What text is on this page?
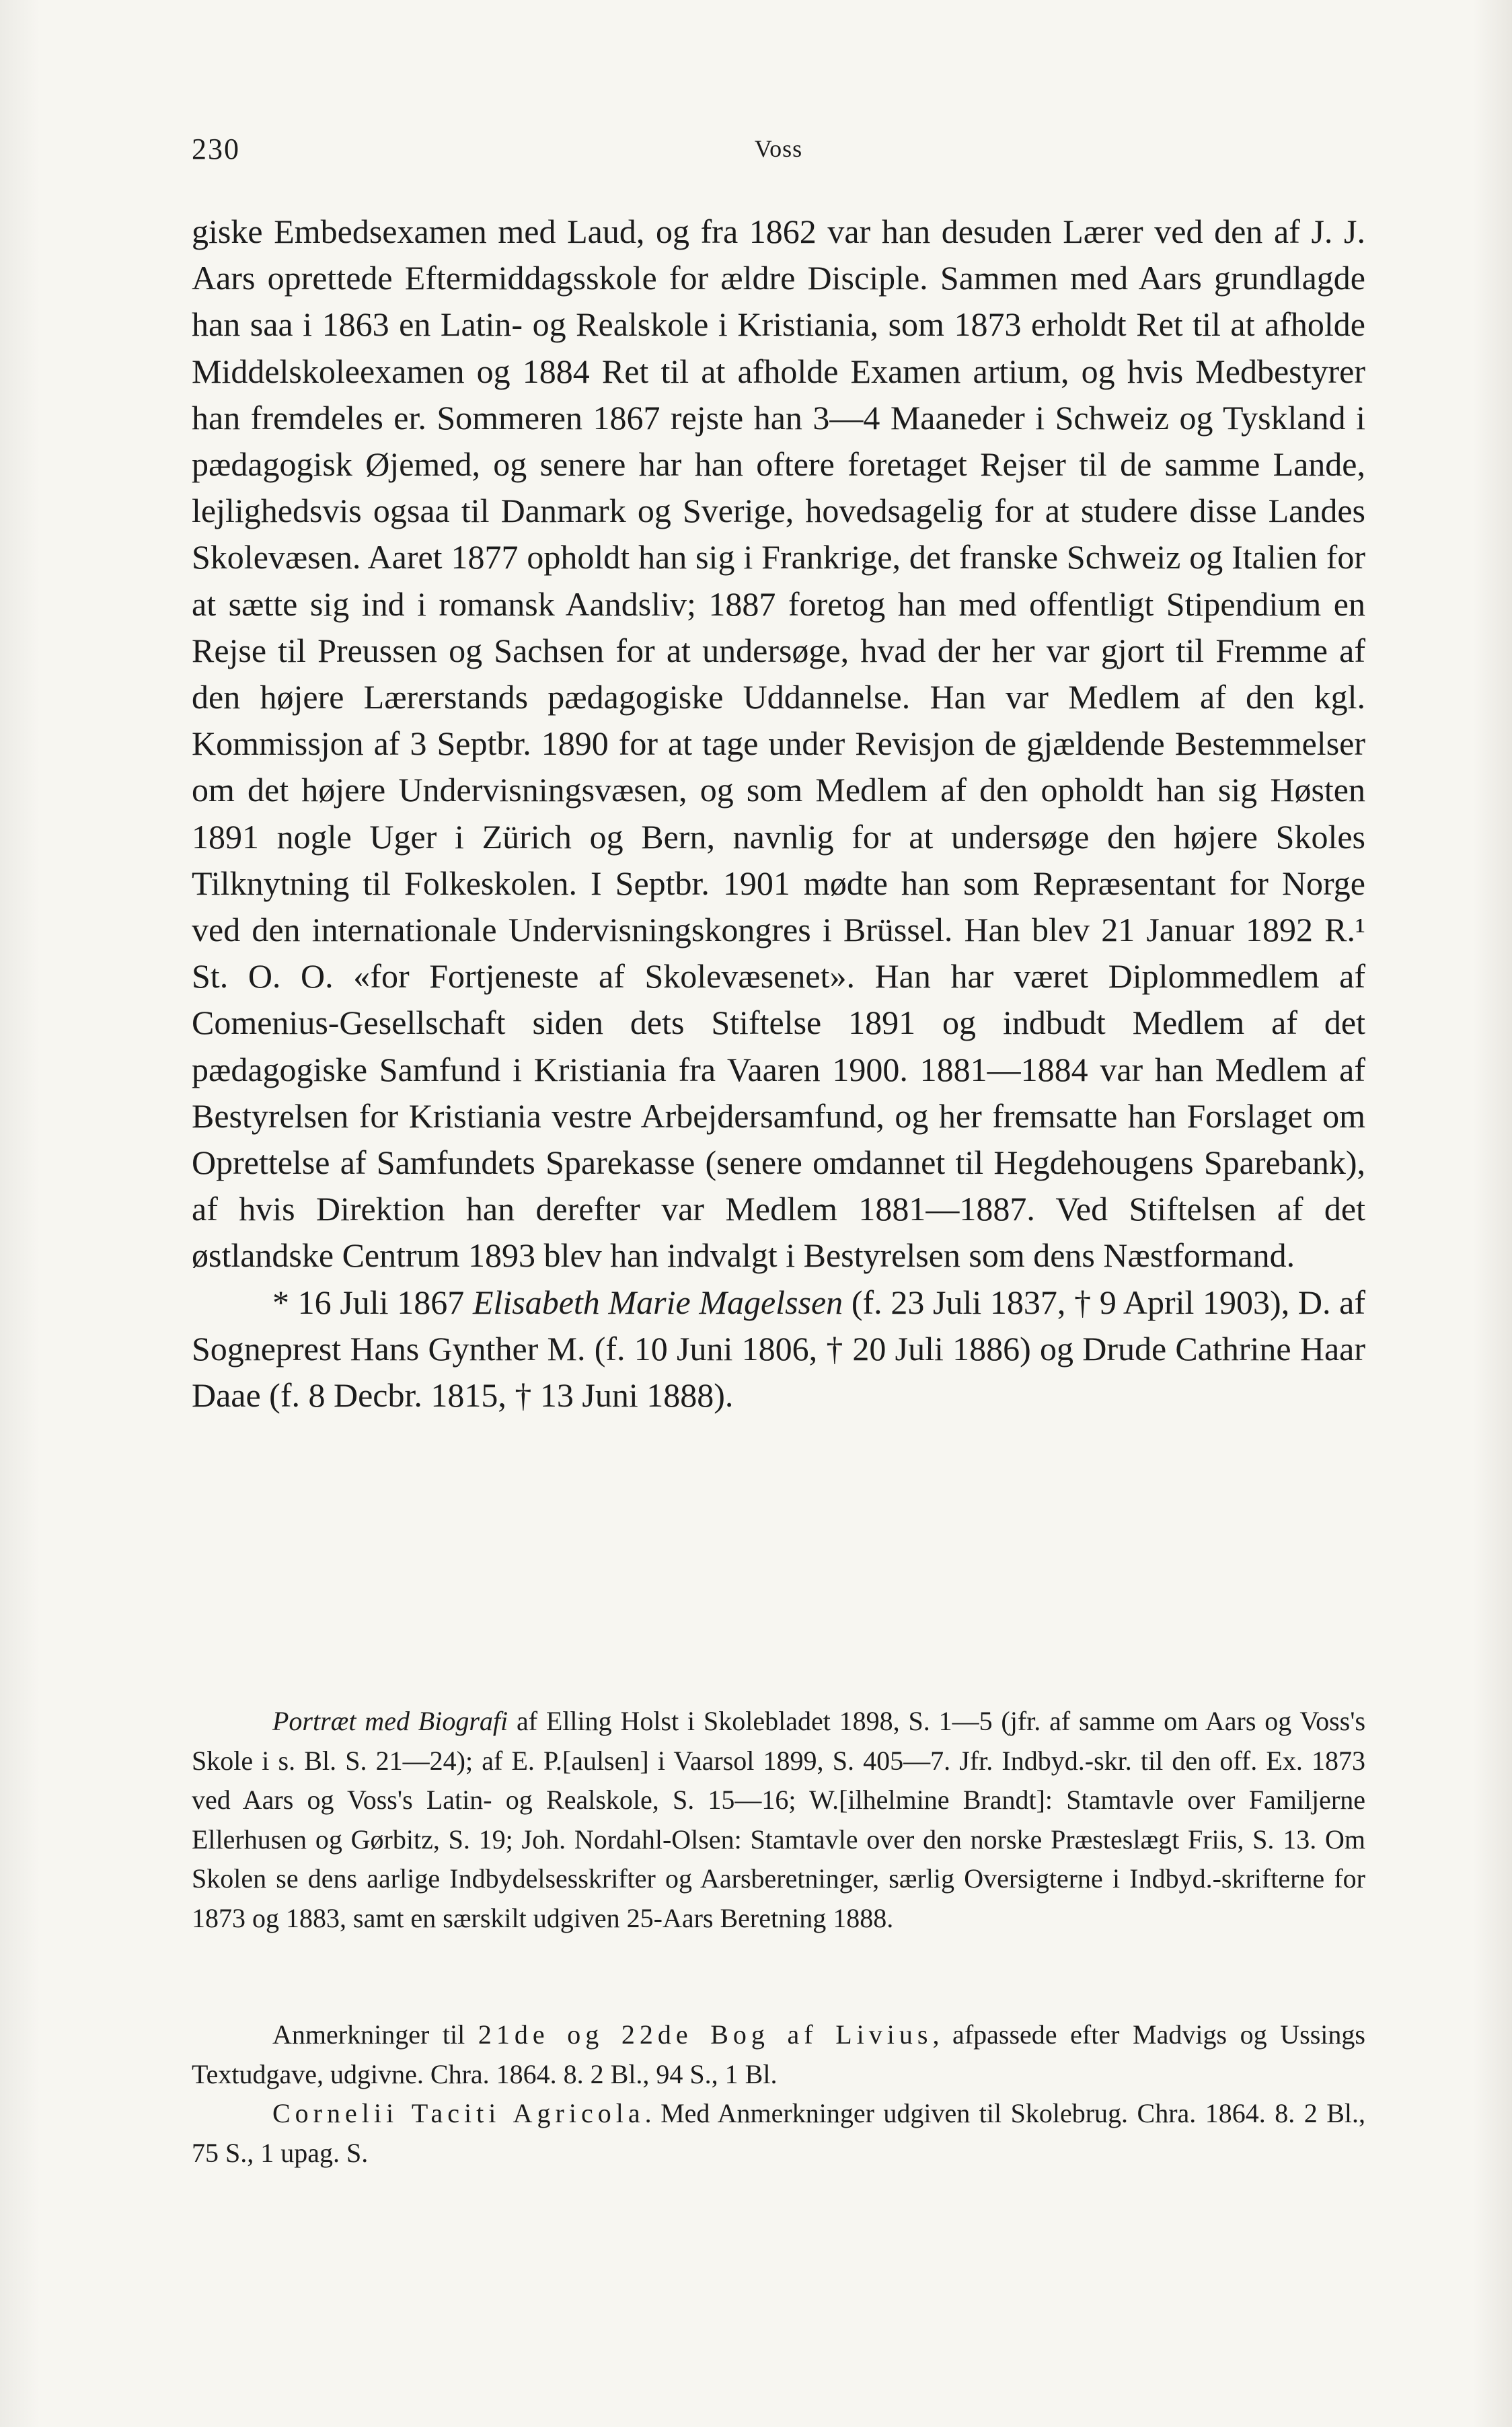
230	Voss

giske Embedsexamen med Laud, og fra 1862 var han desuden Lærer ved den af J. J. Aars oprettede Eftermiddagsskole for ældre Disciple. Sammen med Aars grundlagde han saa i 1863 en Latin- og Realskole i Kristiania, som 1873 erholdt Ret til at afholde Middelskoleexamen og 1884 Ret til at afholde Examen artium, og hvis Medbestyrer han fremdeles er. Sommeren 1867 rejste han 3—4 Maaneder i Schweiz og Tyskland i pædagogisk Øjemed, og senere har han oftere foretaget Rejser til de samme Lande, lejlighedsvis ogsaa til Danmark og Sverige, hovedsagelig for at studere disse Landes Skolevæsen. Aaret 1877 opholdt han sig i Frankrige, det franske Schweiz og Italien for at sætte sig ind i romansk Aandsliv; 1887 foretog han med offentligt Stipendium en Rejse til Preussen og Sachsen for at undersøge, hvad der her var gjort til Fremme af den højere Lærerstands pædagogiske Uddannelse. Han var Medlem af den kgl. Kommissjon af 3 Septbr. 1890 for at tage under Revisjon de gjældende Bestemmelser om det højere Undervisningsvæsen, og som Medlem af den opholdt han sig Høsten 1891 nogle Uger i Zürich og Bern, navnlig for at undersøge den højere Skoles Tilknytning til Folkeskolen. I Septbr. 1901 mødte han som Repræsentant for Norge ved den internationale Undervisningskongres i Brüssel. Han blev 21 Januar 1892 R.¹ St. O. O. «for Fortjeneste af Skolevæsenet». Han har været Diplommedlem af Comenius-Gesellschaft siden dets Stiftelse 1891 og indbudt Medlem af det pædagogiske Samfund i Kristiania fra Vaaren 1900. 1881—1884 var han Medlem af Bestyrelsen for Kristiania vestre Arbejdersamfund, og her fremsatte han Forslaget om Oprettelse af Samfundets Sparekasse (senere omdannet til Hegdehougens Sparebank), af hvis Direktion han derefter var Medlem 1881—1887. Ved Stiftelsen af det østlandske Centrum 1893 blev han indvalgt i Bestyrelsen som dens Næstformand.

* 16 Juli 1867 Elisabeth Marie Magelssen (f. 23 Juli 1837, † 9 April 1903), D. af Sogneprest Hans Gynther M. (f. 10 Juni 1806, † 20 Juli 1886) og Drude Cathrine Haar Daae (f. 8 Decbr. 1815, † 13 Juni 1888).

Portræt med Biografi af Elling Holst i Skolebladet 1898, S. 1—5 (jfr. af samme om Aars og Voss's Skole i s. Bl. S. 21—24); af E. P.[aulsen] i Vaarsol 1899, S. 405—7. Jfr. Indbyd.-skr. til den off. Ex. 1873 ved Aars og Voss's Latin- og Realskole, S. 15—16; W.[ilhelmine Brandt]: Stamtavle over Familjerne Ellerhusen og Gørbitz, S. 19; Joh. Nordahl-Olsen: Stamtavle over den norske Præsteslægt Friis, S. 13. Om Skolen se dens aarlige Indbydelsesskrifter og Aarsberetninger, særlig Oversigterne i Indbyd.-skrifterne for 1873 og 1883, samt en særskilt udgiven 25-Aars Beretning 1888.

Anmerkninger til 21de og 22de Bog af Livius, afpassede efter Madvigs og Ussings Textudgave, udgivne. Chra. 1864. 8. 2 Bl., 94 S., 1 Bl.

Cornelii Taciti Agricola. Med Anmerkninger udgiven til Skolebrug. Chra. 1864. 8. 2 Bl., 75 S., 1 upag. S.
